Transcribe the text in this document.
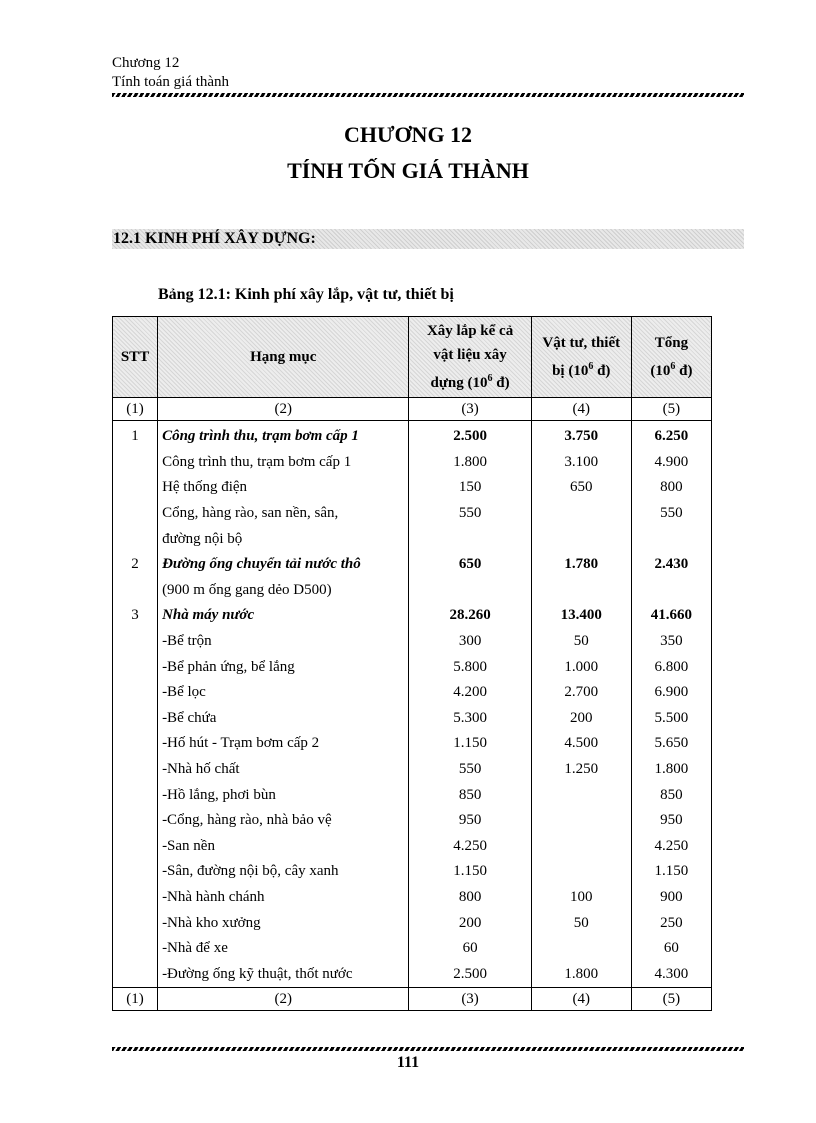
Chương 12
Tính toán giá thành
CHƯƠNG 12
TÍNH TỐN GIÁ THÀNH
12.1 KINH PHÍ XÂY DỰNG:
Bảng 12.1: Kinh phí xây lắp, vật tư, thiết bị
STT	Hạng mục	Xây lắp kể cả
vật liệu xây
dựng ($10^6$ đ)	Vật tư, thiết
bị ($10^6$ đ)	Tổng
($10^6$ đ)
(1)	(2)	(3)	(4)	(5)
1	Công trình thu, trạm bơm cấp 1	2.500	3.750	6.250
	Công trình thu, trạm bơm cấp 1	1.800	3.100	4.900
	Hệ thống điện	150	650	800
	Cổng, hàng rào, san nền, sân,	550		550
	đường nội bộ			
2	Đường ống chuyển tải nước thô	650	1.780	2.430
	(900 m ống gang dẻo D500)			
3	Nhà máy nước	28.260	13.400	41.660
	-Bể trộn	300	50	350
	-Bể phản ứng, bể lắng	5.800	1.000	6.800
	-Bể lọc	4.200	2.700	6.900
	-Bể chứa	5.300	200	5.500
	-Hố hút - Trạm bơm cấp 2	1.150	4.500	5.650
	-Nhà hố chất	550	1.250	1.800
	-Hồ lắng, phơi bùn	850		850
	-Cổng, hàng rào, nhà bảo vệ	950		950
	-San nền	4.250		4.250
	-Sân, đường nội bộ, cây xanh	1.150		1.150
	-Nhà hành chánh	800	100	900
	-Nhà kho xưởng	200	50	250
	-Nhà để xe	60		60
	-Đường ống kỹ thuật, thốt nước	2.500	1.800	4.300
(1)	(2)	(3)	(4)	(5)
111
